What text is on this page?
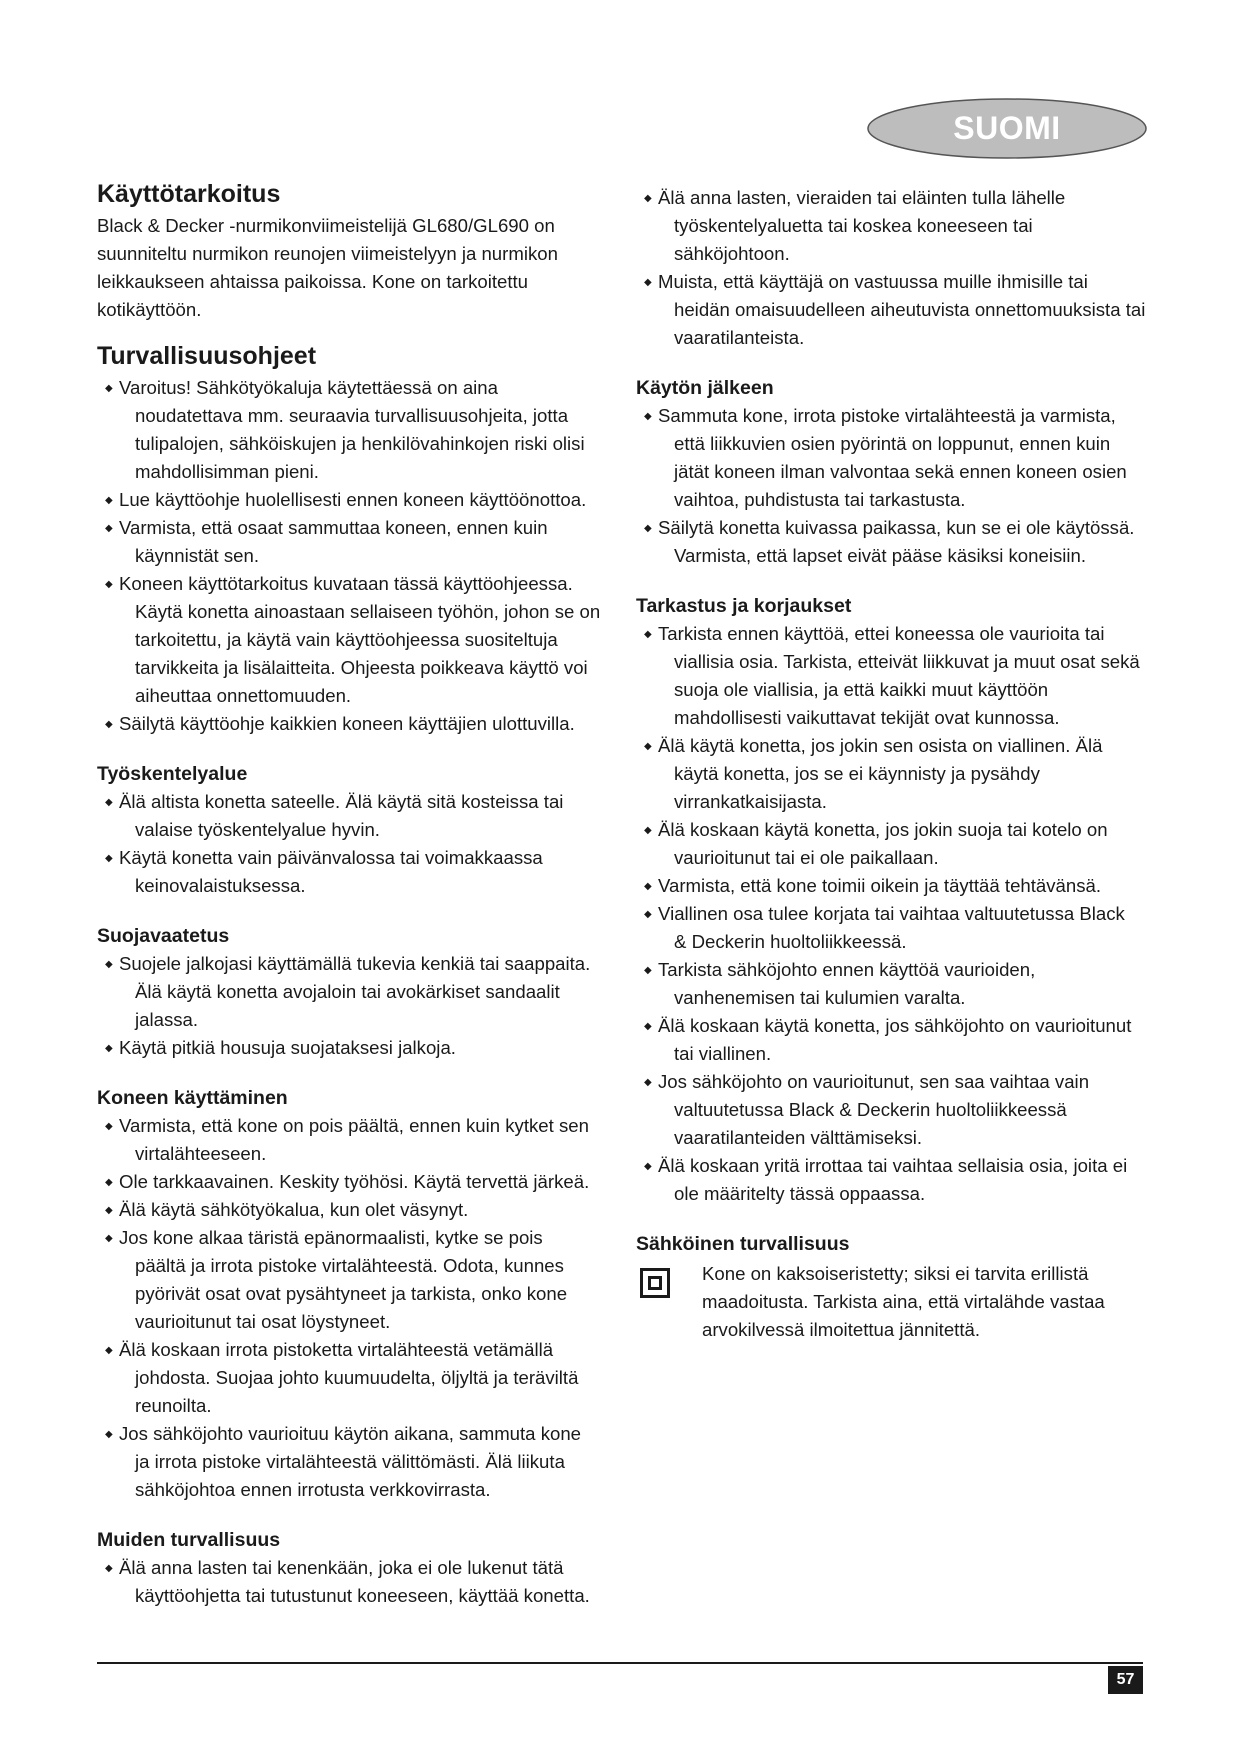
SUOMI
Käyttötarkoitus

Black & Decker -nurmikonviimeistelijä GL680/GL690 on
suunniteltu nurmikon reunojen viimeistelyyn ja nurmikon
leikkaukseen ahtaissa paikoissa. Kone on tarkoitettu kotikäyttöön.

Turvallisuusohjeet
◆ Varoitus! Sähkötyökaluja käytettäessä on aina
noudatettava mm. seuraavia turvallisuusohjeita, jotta
tulipalojen, sähköiskujen ja henkilövahinkojen riski olisi
mahdollisimman pieni.
◆ Lue käyttöohje huolellisesti ennen koneen käyttöönottoa.
◆ Varmista, että osaat sammuttaa koneen, ennen kuin
käynnistät sen.
◆ Koneen käyttötarkoitus kuvataan tässä käyttöohjeessa.
Käytä konetta ainoastaan sellaiseen työhön, johon se on
tarkoitettu, ja käytä vain käyttöohjeessa suositeltuja
tarvikkeita ja lisälaitteita. Ohjeesta poikkeava käyttö voi
aiheuttaa onnettomuuden.
◆ Säilytä käyttöohje kaikkien koneen käyttäjien ulottuvilla.
Työskentelyalue
◆ Älä altista konetta sateelle. Älä käytä sitä kosteissa tai
valaise työskentelyalue hyvin.
◆ Käytä konetta vain päivänvalossa tai voimakkaassa
keinovalaistuksessa.
Suojavaatetus
◆ Suojele jalkojasi käyttämällä tukevia kenkiä tai saappaita.
Älä käytä konetta avojaloin tai avokärkiset sandaalit
jalassa.
◆ Käytä pitkiä housuja suojataksesi jalkoja.
Koneen käyttäminen
◆ Varmista, että kone on pois päältä, ennen kuin kytket sen
virtalähteeseen.
◆ Ole tarkkaavainen. Keskity työhösi. Käytä tervettä järkeä.
◆ Älä käytä sähkötyökalua, kun olet väsynyt.
◆ Jos kone alkaa täristä epänormaalisti, kytke se pois
päältä ja irrota pistoke virtalähteestä. Odota, kunnes
pyörivät osat ovat pysähtyneet ja tarkista, onko kone
vaurioitunut tai osat löystyneet.
◆ Älä koskaan irrota pistoketta virtalähteestä vetämällä
johdosta. Suojaa johto kuumuudelta, öljyltä ja teräviltä
reunoilta.
◆ Jos sähköjohto vaurioituu käytön aikana, sammuta kone
ja irrota pistoke virtalähteestä välittömästi. Älä liikuta
sähköjohtoa ennen irrotusta verkkovirrasta.
Muiden turvallisuus
◆ Älä anna lasten tai kenenkään, joka ei ole lukenut tätä
käyttöohjetta tai tutustunut koneeseen, käyttää konetta.
◆ Älä anna lasten, vieraiden tai eläinten tulla lähelle
työskentelyaluetta tai koskea koneeseen tai
sähköjohtoon.
◆ Muista, että käyttäjä on vastuussa muille ihmisille tai
heidän omaisuudelleen aiheutuvista onnettomuuksista tai
vaaratilanteista.
Käytön jälkeen
◆ Sammuta kone, irrota pistoke virtalähteestä ja varmista,
että liikkuvien osien pyörintä on loppunut, ennen kuin
jätät koneen ilman valvontaa sekä ennen koneen osien
vaihtoa, puhdistusta tai tarkastusta.
◆ Säilytä konetta kuivassa paikassa, kun se ei ole käytössä.
Varmista, että lapset eivät pääse käsiksi koneisiin.
Tarkastus ja korjaukset
◆ Tarkista ennen käyttöä, ettei koneessa ole vaurioita tai
viallisia osia. Tarkista, etteivät liikkuvat ja muut osat sekä
suoja ole viallisia, ja että kaikki muut käyttöön
mahdollisesti vaikuttavat tekijät ovat kunnossa.
◆ Älä käytä konetta, jos jokin sen osista on viallinen. Älä
käytä konetta, jos se ei käynnisty ja pysähdy
virrankatkaisijasta.
◆ Älä koskaan käytä konetta, jos jokin suoja tai kotelo on
vaurioitunut tai ei ole paikallaan.
◆ Varmista, että kone toimii oikein ja täyttää tehtävänsä.
◆ Viallinen osa tulee korjata tai vaihtaa valtuutetussa Black
& Deckerin huoltoliikkeessä.
◆ Tarkista sähköjohto ennen käyttöä vaurioiden,
vanhenemisen tai kulumien varalta.
◆ Älä koskaan käytä konetta, jos sähköjohto on vaurioitunut
tai viallinen.
◆ Jos sähköjohto on vaurioitunut, sen saa vaihtaa vain
valtuutetussa Black & Deckerin huoltoliikkeessä
vaaratilanteiden välttämiseksi.
◆ Älä koskaan yritä irrottaa tai vaihtaa sellaisia osia, joita ei
ole määritelty tässä oppaassa.
Sähköinen turvallisuus
Kone on kaksoiseristetty; siksi ei tarvita erillistä
maadoitusta. Tarkista aina, että virtalähde vastaa
arvokilvessä ilmoitettua jännitettä.
57
